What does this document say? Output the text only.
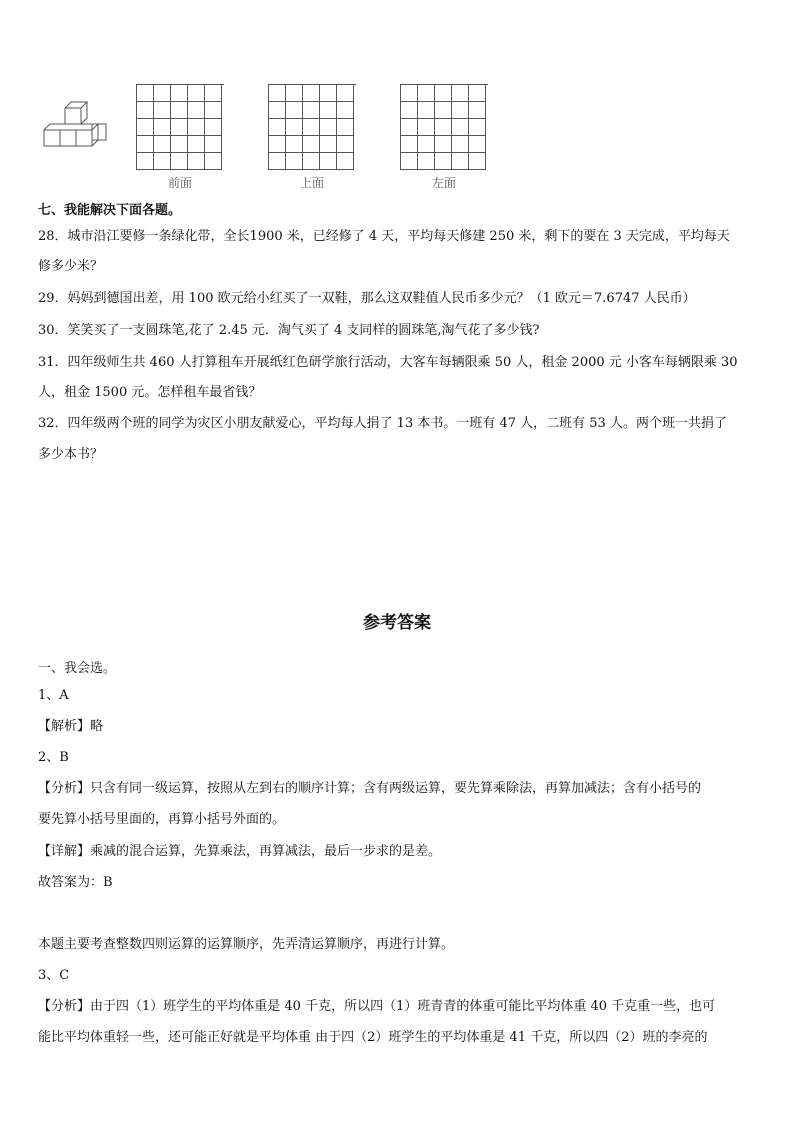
前面	上面	左面
七、我能解决下面各题。
28．城市沿江要修一条绿化带，全长1900 米，已经修了 4 天，平均每天修建 250 米，剩下的要在 3 天完成，平均每天
修多少米？
29．妈妈到德国出差，用 100 欧元给小红买了一双鞋，那么这双鞋值人民币多少元？（1 欧元＝7.6747 人民币）
30．笑笑买了一支圆珠笔,花了 2.45 元．淘气买了 4 支同样的圆珠笔,淘气花了多少钱?
31．四年级师生共 460 人打算租车开展纸红色研学旅行活动，大客车每辆限乘 50 人，租金 2000 元 小客车每辆限乘 30
人，租金 1500 元。怎样租车最省钱？
32．四年级两个班的同学为灾区小朋友献爱心，平均每人捐了 13 本书。一班有 47 人，二班有 53 人。两个班一共捐了
多少本书？
参考答案
一、我会选。
1、A
【解析】略
2、B
【分析】只含有同一级运算，按照从左到右的顺序计算；含有两级运算，要先算乘除法，再算加减法；含有小括号的
要先算小括号里面的，再算小括号外面的。
【详解】乘减的混合运算，先算乘法，再算减法，最后一步求的是差。
故答案为：B
本题主要考查整数四则运算的运算顺序，先弄清运算顺序，再进行计算。
3、C
【分析】由于四（1）班学生的平均体重是 40 千克，所以四（1）班青青的体重可能比平均体重 40 千克重一些，也可
能比平均体重轻一些，还可能正好就是平均体重 由于四（2）班学生的平均体重是 41 千克，所以四（2）班的李亮的
